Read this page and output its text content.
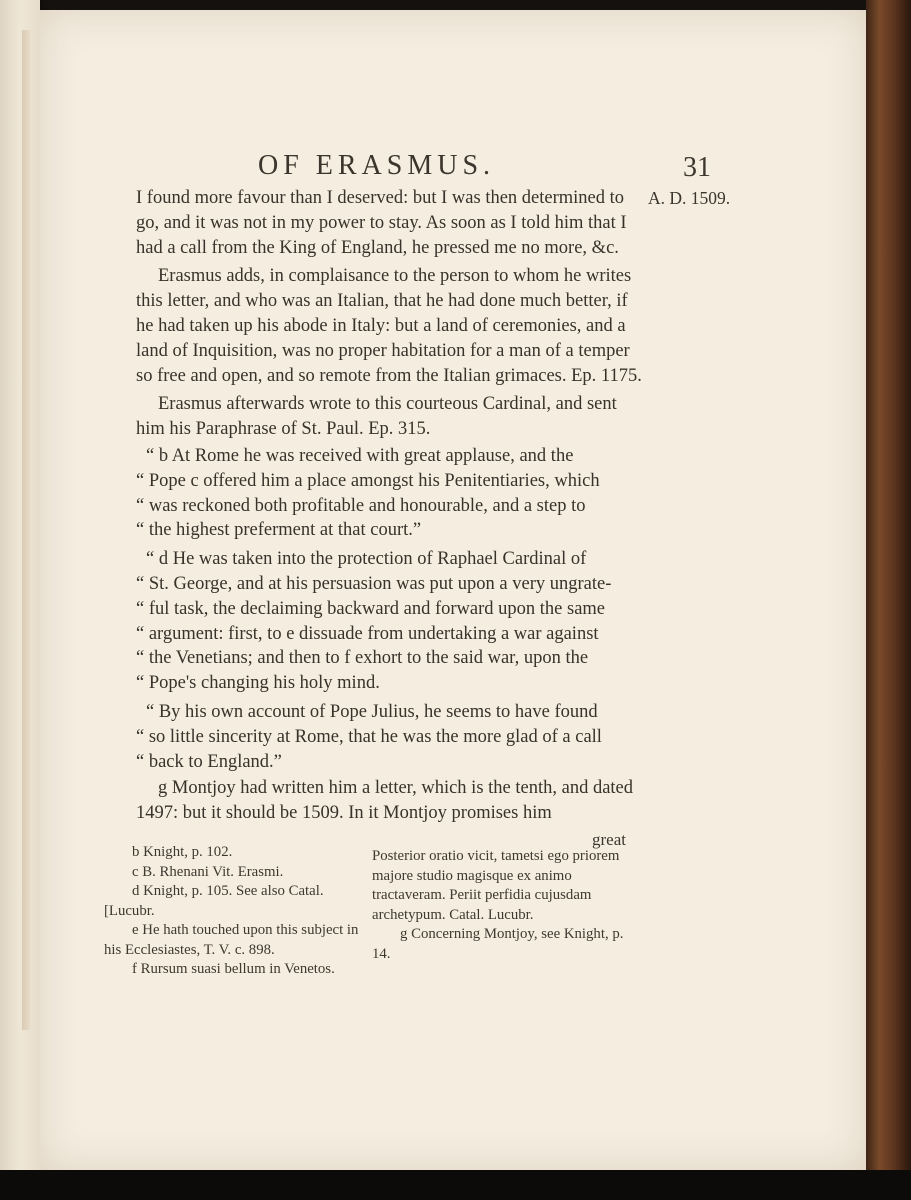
OF ERASMUS.	31
A. D. 1509.

I found more favour than I deserved: but I was then determined to go, and it was not in my power to stay. As soon as I told him that I had a call from the King of England, he pressed me no more, &c.

Erasmus adds, in complaisance to the person to whom he writes this letter, and who was an Italian, that he had done much better, if he had taken up his abode in Italy: but a land of ceremonies, and a land of Inquisition, was no proper habitation for a man of a temper so free and open, and so remote from the Italian grimaces. Ep. 1175.

Erasmus afterwards wrote to this courteous Cardinal, and sent him his Paraphrase of St. Paul. Ep. 315.

“ b At Rome he was received with great applause, and the
“ Pope c offered him a place amongst his Penitentiaries, which
“ was reckoned both profitable and honourable, and a step to
“ the highest preferment at that court.”
“ d He was taken into the protection of Raphael Cardinal of
“ St. George, and at his persuasion was put upon a very ungrate-
“ ful task, the declaiming backward and forward upon the same
“ argument: first, to e dissuade from undertaking a war against
“ the Venetians; and then to f exhort to the said war, upon the
“ Pope's changing his holy mind.
“ By his own account of Pope Julius, he seems to have found
“ so little sincerity at Rome, that he was the more glad of a call
“ back to England.”

g Montjoy had written him a letter, which is the tenth, and dated 1497: but it should be 1509. In it Montjoy promises him

great

b Knight, p. 102.

c B. Rhenani Vit. Erasmi.

d Knight, p. 105. See also Catal. [Lucubr.

e He hath touched upon this subject in his Ecclesiastes, T. V. c. 898.

f Rursum suasi bellum in Venetos.

Posterior oratio vicit, tametsi ego priorem majore studio magisque ex animo tractaveram. Periit perfidia cujusdam archetypum. Catal. Lucubr.

g Concerning Montjoy, see Knight, p. 14.
